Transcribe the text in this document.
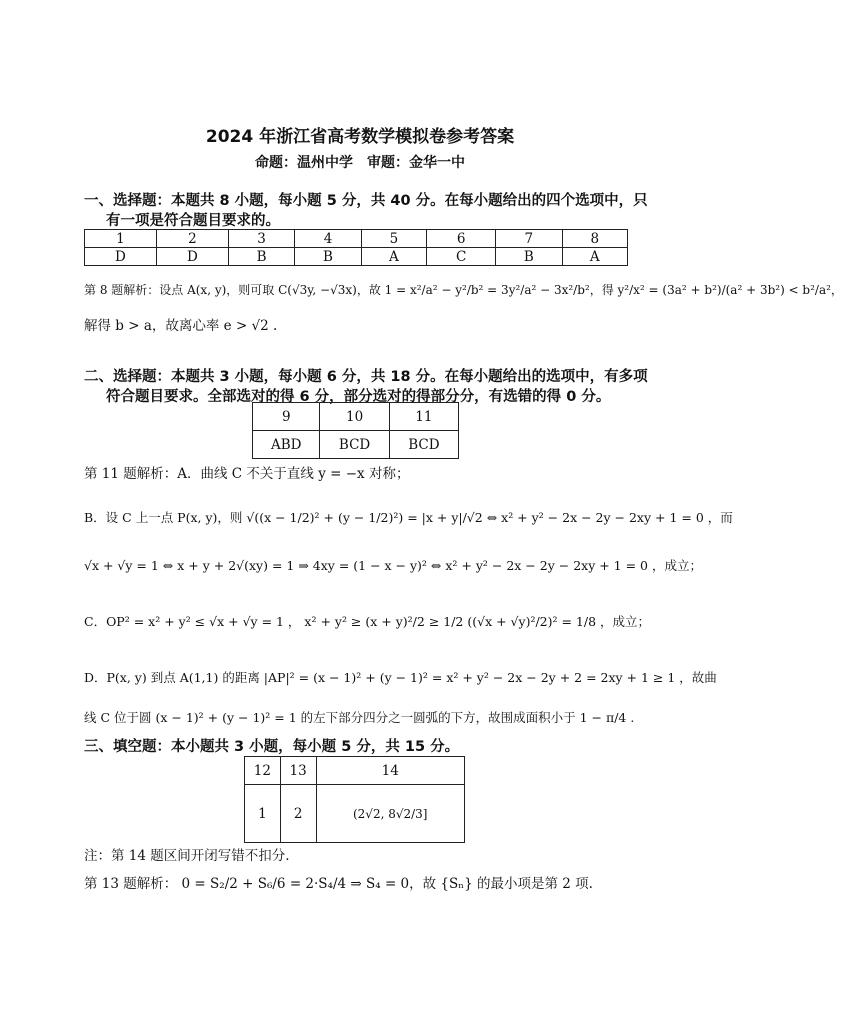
2024 年浙江省高考数学模拟卷参考答案
命题：温州中学　审题：金华一中
一、选择题：本题共 8 小题，每小题 5 分，共 40 分。在每小题给出的四个选项中，只
有一项是符合题目要求的。
1	2	3	4	5	6	7	8
D	D	B	B	A	C	B	A
第 8 题解析：设点 A(x, y)，则可取 C(√3y, −√3x)，故 1 = x²/a² − y²/b² = 3y²/a² − 3x²/b²，得 y²/x² = (3a² + b²)/(a² + 3b²) < b²/a²，
解得 b > a，故离心率 e > √2 .
二、选择题：本题共 3 小题，每小题 6 分，共 18 分。在每小题给出的选项中，有多项
符合题目要求。全部选对的得 6 分，部分选对的得部分分，有选错的得 0 分。
9	10	11
ABD	BCD	BCD
第 11 题解析：A．曲线 C 不关于直线 y = −x 对称；
B．设 C 上一点 P(x, y)，则 √((x − 1/2)² + (y − 1/2)²) = |x + y|/√2 ⇔ x² + y² − 2x − 2y − 2xy + 1 = 0 ，而
√x + √y = 1 ⇔ x + y + 2√(xy) = 1 ⇒ 4xy = (1 − x − y)² ⇔ x² + y² − 2x − 2y − 2xy + 1 = 0 ，成立；
C．OP² = x² + y² ≤ √x + √y = 1 ， x² + y² ≥ (x + y)²/2 ≥ 1/2 ((√x + √y)²/2)² = 1/8 ，成立；
D．P(x, y) 到点 A(1,1) 的距离 |AP|² = (x − 1)² + (y − 1)² = x² + y² − 2x − 2y + 2 = 2xy + 1 ≥ 1 ，故曲
线 C 位于圆 (x − 1)² + (y − 1)² = 1 的左下部分四分之一圆弧的下方，故围成面积小于 1 − π/4 .
三、填空题：本小题共 3 小题，每小题 5 分，共 15 分。
12	13	14
1	2	(2√2, 8√2/3]
注：第 14 题区间开闭写错不扣分.
第 13 题解析： 0 = S₂/2 + S₆/6 = 2·S₄/4 ⇒ S₄ = 0，故 {Sₙ} 的最小项是第 2 项.
